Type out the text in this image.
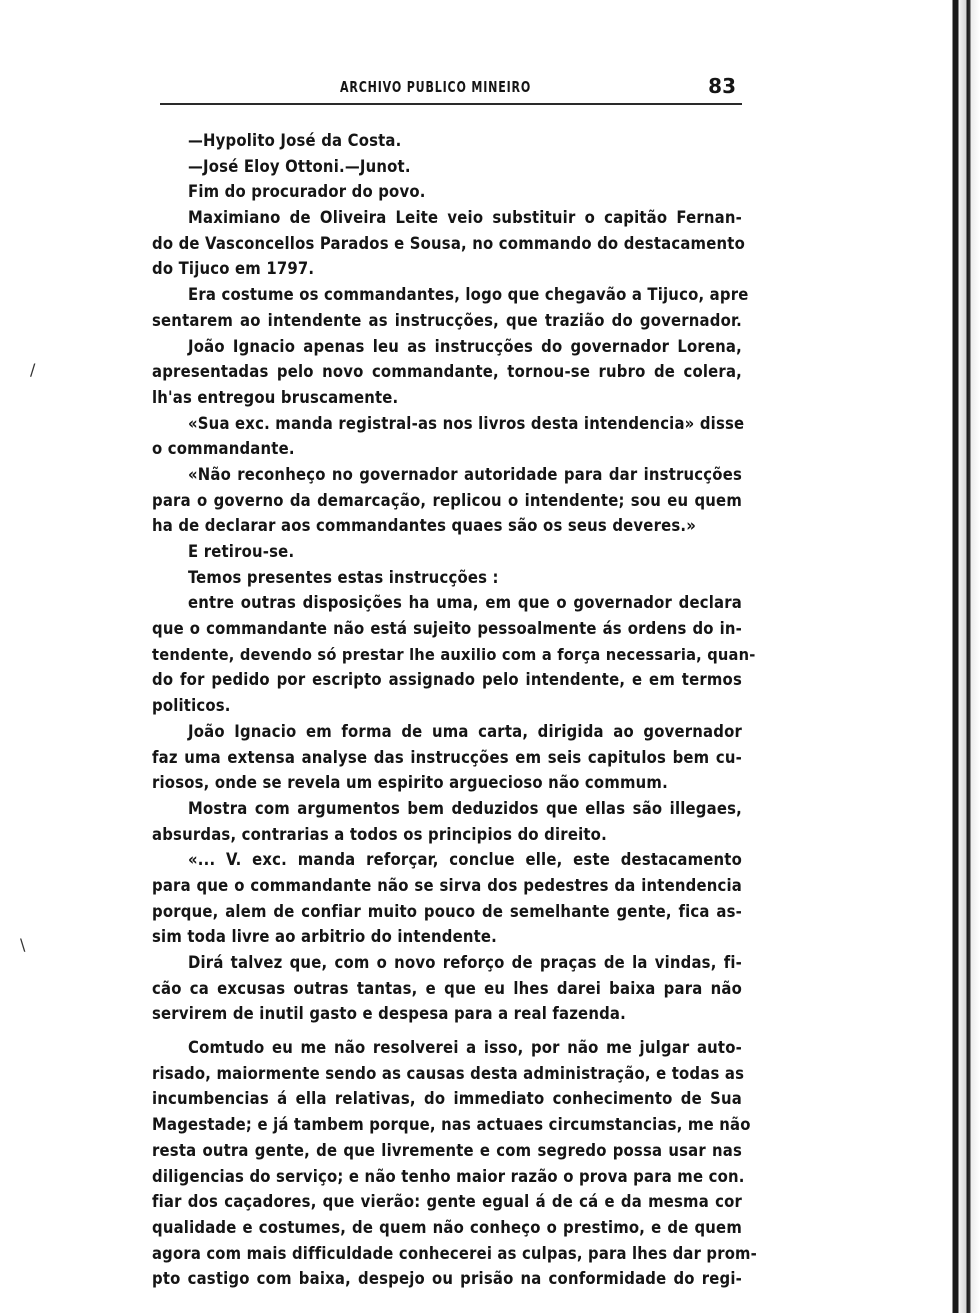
ARCHIVO PUBLICO MINEIRO	83
/
\
—Hypolito José da Costa.
—José Eloy Ottoni.—Junot.
Fim do procurador do povo.
Maximiano de Oliveira Leite veio substituir o capitão Fernan-
do de Vasconcellos Parados e Sousa, no commando do destacamento
do Tijuco em 1797.
Era costume os commandantes, logo que chegavão a Tijuco, apre
sentarem ao intendente as instrucções, que trazião do governador.
João Ignacio apenas leu as instrucções do governador Lorena,
apresentadas pelo novo commandante, tornou-se rubro de colera,
lh'as entregou bruscamente.
«Sua exc. manda registral-as nos livros desta intendencia» disse
o commandante.
«Não reconheço no governador autoridade para dar instrucções
para o governo da demarcação, replicou o intendente; sou eu quem
ha de declarar aos commandantes quaes são os seus deveres.»
E retirou-se.
Temos presentes estas instrucções :
entre outras disposições ha uma, em que o governador declara
que o commandante não está sujeito pessoalmente ás ordens do in-
tendente, devendo só prestar lhe auxilio com a força necessaria, quan-
do for pedido por escripto assignado pelo intendente, e em termos
politicos.
João Ignacio em forma de uma carta, dirigida ao governador
faz uma extensa analyse das instrucções em seis capitulos bem cu-
riosos, onde se revela um espirito arguecioso não commum.
Mostra com argumentos bem deduzidos que ellas são illegaes,
absurdas, contrarias a todos os principios do direito.
«... V. exc. manda reforçar, conclue elle, este destacamento
para que o commandante não se sirva dos pedestres da intendencia
porque, alem de confiar muito pouco de semelhante gente, fica as-
sim toda livre ao arbitrio do intendente.
Dirá talvez que, com o novo reforço de praças de la vindas, fi-
cão ca excusas outras tantas, e que eu lhes darei baixa para não
servirem de inutil gasto e despesa para a real fazenda.
Comtudo eu me não resolverei a isso, por não me julgar auto-
risado, maiormente sendo as causas desta administração, e todas as
incumbencias á ella relativas, do immediato conhecimento de Sua
Magestade; e já tambem porque, nas actuaes circumstancias, me não
resta outra gente, de que livremente e com segredo possa usar nas
diligencias do serviço; e não tenho maior razão o prova para me con.
fiar dos caçadores, que vierão: gente egual á de cá e da mesma cor
qualidade e costumes, de quem não conheço o prestimo, e de quem
agora com mais difficuldade conhecerei as culpas, para lhes dar prom-
pto castigo com baixa, despejo ou prisão na conformidade do regi-
